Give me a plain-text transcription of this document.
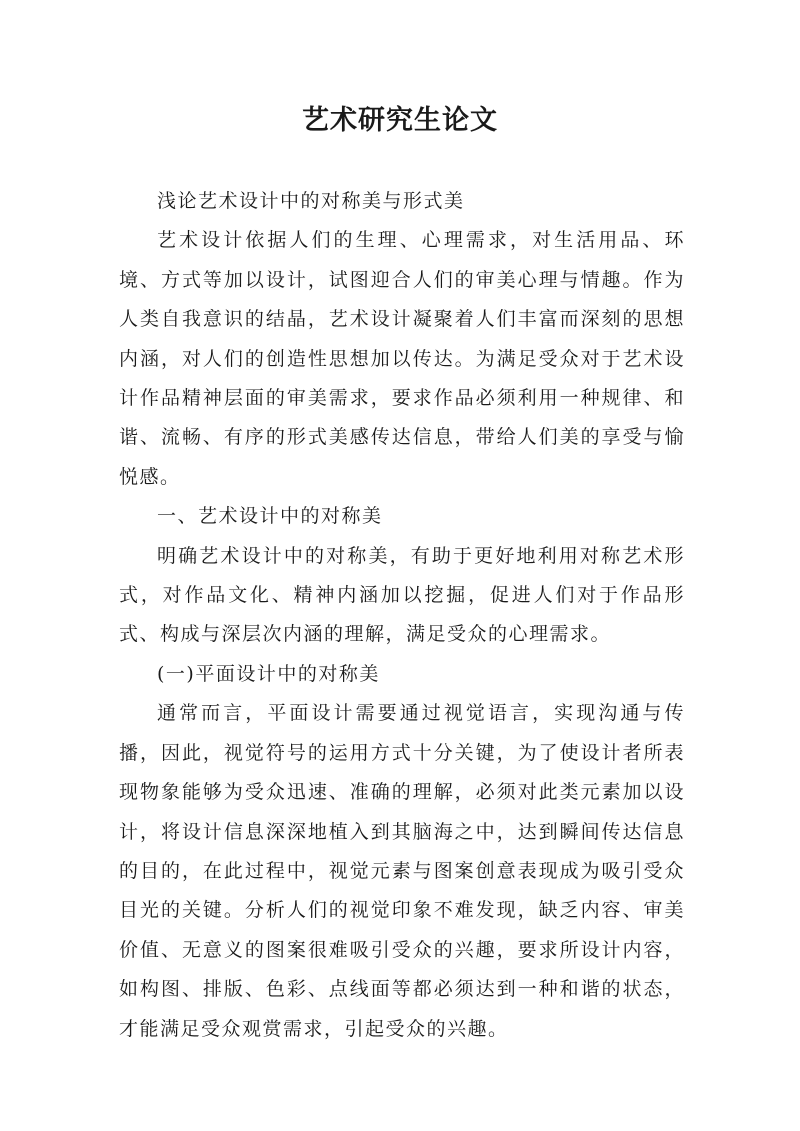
艺术研究生论文

浅论艺术设计中的对称美与形式美

艺术设计依据人们的生理、心理需求，对生活用品、环境、方式等加以设计，试图迎合人们的审美心理与情趣。作为人类自我意识的结晶，艺术设计凝聚着人们丰富而深刻的思想内涵，对人们的创造性思想加以传达。为满足受众对于艺术设计作品精神层面的审美需求，要求作品必须利用一种规律、和谐、流畅、有序的形式美感传达信息，带给人们美的享受与愉悦感。

一、艺术设计中的对称美

明确艺术设计中的对称美，有助于更好地利用对称艺术形式，对作品文化、精神内涵加以挖掘，促进人们对于作品形式、构成与深层次内涵的理解，满足受众的心理需求。

(一)平面设计中的对称美

通常而言，平面设计需要通过视觉语言，实现沟通与传播，因此，视觉符号的运用方式十分关键，为了使设计者所表现物象能够为受众迅速、准确的理解，必须对此类元素加以设计，将设计信息深深地植入到其脑海之中，达到瞬间传达信息的目的，在此过程中，视觉元素与图案创意表现成为吸引受众目光的关键。分析人们的视觉印象不难发现，缺乏内容、审美价值、无意义的图案很难吸引受众的兴趣，要求所设计内容，如构图、排版、色彩、点线面等都必须达到一种和谐的状态，才能满足受众观赏需求，引起受众的兴趣。
